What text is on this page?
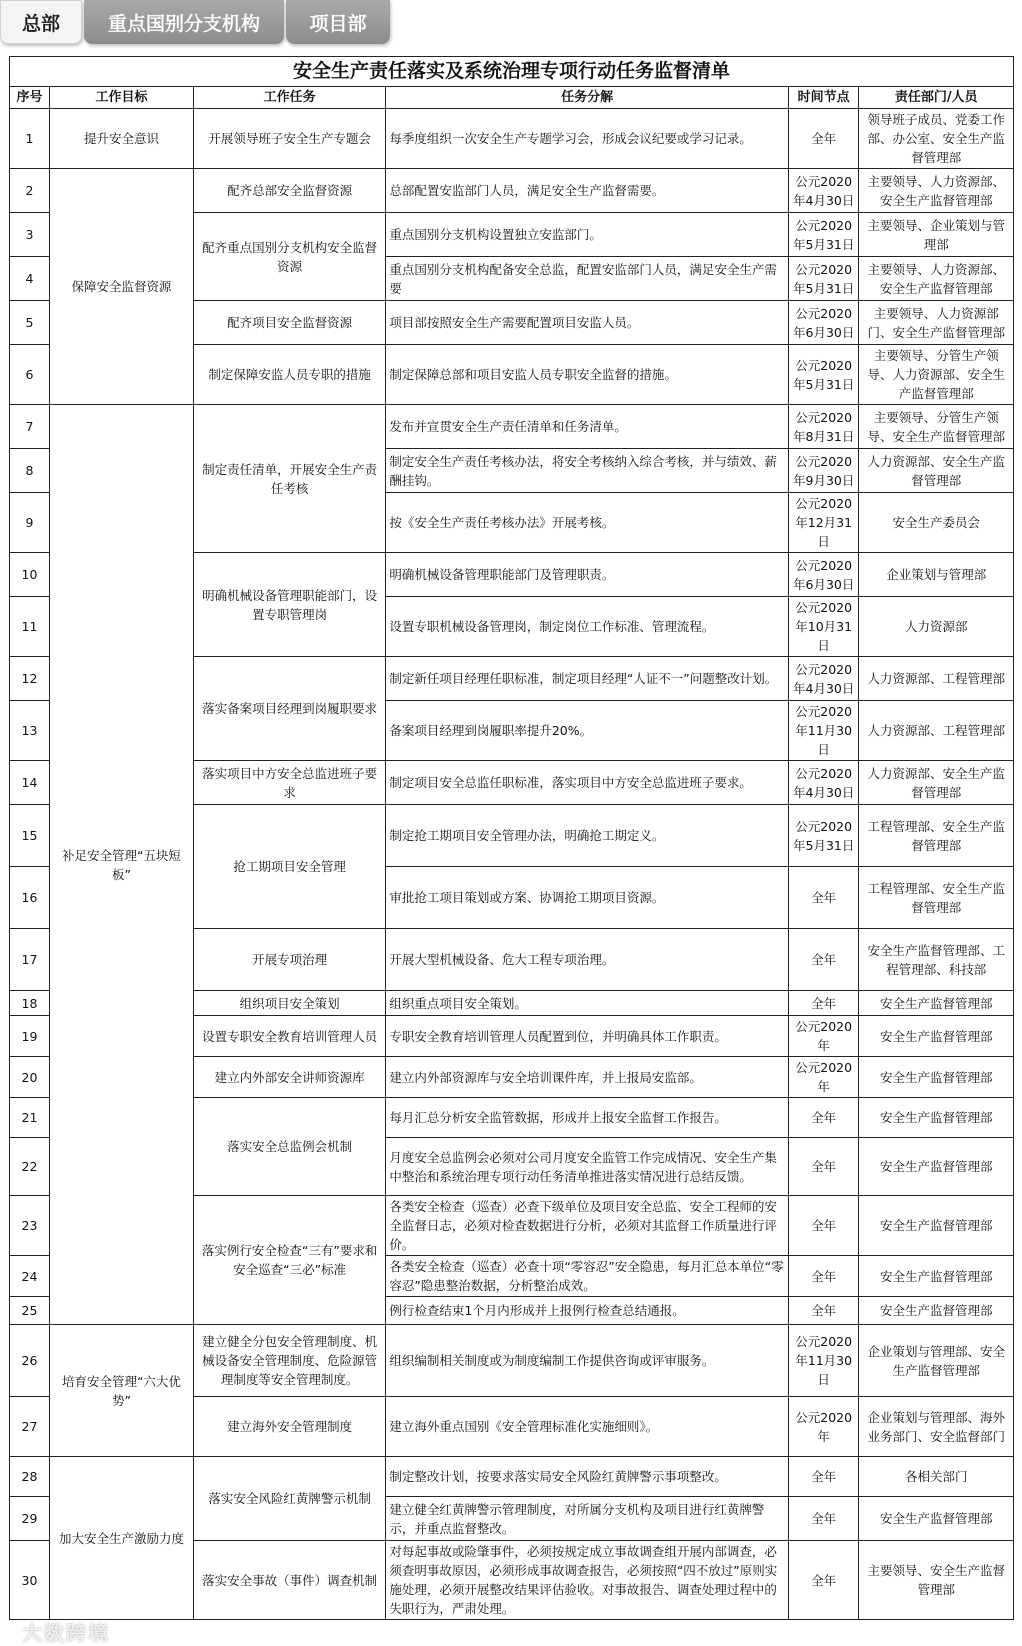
总部	重点国别分支机构	项目部
安全生产责任落实及系统治理专项行动任务监督清单					
序号	工作目标	工作任务	任务分解	时间节点	责任部门/人员
1	提升安全意识	开展领导班子安全生产专题会	每季度组织一次安全生产专题学习会，形成会议纪要或学习记录。	全年	领导班子成员、党委工作部、办公室、安全生产监督管理部
2	保障安全监督资源	配齐总部安全监督资源	总部配置安监部门人员，满足安全生产监督需要。	公元2020年4月30日	主要领导、人力资源部、安全生产监督管理部
3		配齐重点国别分支机构安全监督资源	重点国别分支机构设置独立安监部门。	公元2020年5月31日	主要领导、企业策划与管理部
4			重点国别分支机构配备安全总监，配置安监部门人员，满足安全生产需要	公元2020年5月31日	主要领导、人力资源部、安全生产监督管理部
5		配齐项目安全监督资源	项目部按照安全生产需要配置项目安监人员。	公元2020年6月30日	主要领导、人力资源部门、安全生产监督管理部
6		制定保障安监人员专职的措施	制定保障总部和项目安监人员专职安全监督的措施。	公元2020年5月31日	主要领导、分管生产领导、人力资源部、安全生产监督管理部
7	补足安全管理“五块短板”	制定责任清单，开展安全生产责任考核	发布并宣贯安全生产责任清单和任务清单。	公元2020年8月31日	主要领导、分管生产领导、安全生产监督管理部
8			制定安全生产责任考核办法，将安全考核纳入综合考核，并与绩效、薪酬挂钩。	公元2020年9月30日	人力资源部、安全生产监督管理部
9			按《安全生产责任考核办法》开展考核。	公元2020年12月31日	安全生产委员会
10		明确机械设备管理职能部门，设置专职管理岗	明确机械设备管理职能部门及管理职责。	公元2020年6月30日	企业策划与管理部
11			设置专职机械设备管理岗，制定岗位工作标准、管理流程。	公元2020年10月31日	人力资源部
12		落实备案项目经理到岗履职要求	制定新任项目经理任职标准，制定项目经理“人证不一”问题整改计划。	公元2020年4月30日	人力资源部、工程管理部
13			备案项目经理到岗履职率提升20%。	公元2020年11月30日	人力资源部、工程管理部
14		落实项目中方安全总监进班子要求	制定项目安全总监任职标准，落实项目中方安全总监进班子要求。	公元2020年4月30日	人力资源部、安全生产监督管理部
15		抢工期项目安全管理	制定抢工期项目安全管理办法，明确抢工期定义。	公元2020年5月31日	工程管理部、安全生产监督管理部
16			审批抢工项目策划或方案、协调抢工期项目资源。	全年	工程管理部、安全生产监督管理部
17		开展专项治理	开展大型机械设备、危大工程专项治理。	全年	安全生产监督管理部、工程管理部、科技部
18		组织项目安全策划	组织重点项目安全策划。	全年	安全生产监督管理部
19		设置专职安全教育培训管理人员	专职安全教育培训管理人员配置到位，并明确具体工作职责。	公元2020年	安全生产监督管理部
20		建立内外部安全讲师资源库	建立内外部资源库与安全培训课件库，并上报局安监部。	公元2020年	安全生产监督管理部
21		落实安全总监例会机制	每月汇总分析安全监管数据，形成并上报安全监督工作报告。	全年	安全生产监督管理部
22			月度安全总监例会必须对公司月度安全监管工作完成情况、安全生产集中整治和系统治理专项行动任务清单推进落实情况进行总结反馈。	全年	安全生产监督管理部
23		落实例行安全检查“三有”要求和安全巡查“三必”标准	各类安全检查（巡查）必查下级单位及项目安全总监、安全工程师的安全监督日志，必须对检查数据进行分析，必须对其监督工作质量进行评价。	全年	安全生产监督管理部
24			各类安全检查（巡查）必查十项“零容忍”安全隐患，每月汇总本单位“零容忍”隐患整治数据，分析整治成效。	全年	安全生产监督管理部
25			例行检查结束1个月内形成并上报例行检查总结通报。	全年	安全生产监督管理部
26	培育安全管理“六大优势”	建立健全分包安全管理制度、机械设备安全管理制度、危险源管理制度等安全管理制度。	组织编制相关制度或为制度编制工作提供咨询或评审服务。	公元2020年11月30日	企业策划与管理部、安全生产监督管理部
27		建立海外安全管理制度	建立海外重点国别《安全管理标准化实施细则》。	公元2020年	企业策划与管理部、海外业务部门、安全监督部门
28	加大安全生产激励力度	落实安全风险红黄牌警示机制	制定整改计划，按要求落实局安全风险红黄牌警示事项整改。	全年	各相关部门
29			建立健全红黄牌警示管理制度，对所属分支机构及项目进行红黄牌警示，并重点监督整改。	全年	安全生产监督管理部
30		落实安全事故（事件）调查机制	对每起事故或险肇事件，必须按规定成立事故调查组开展内部调查，必须查明事故原因，必须形成事故调查报告，必须按照“四不放过”原则实施处理，必须开展整改结果评估验收。对事故报告、调查处理过程中的失职行为，严肃处理。	全年	主要领导、安全生产监督管理部
大数跨境
